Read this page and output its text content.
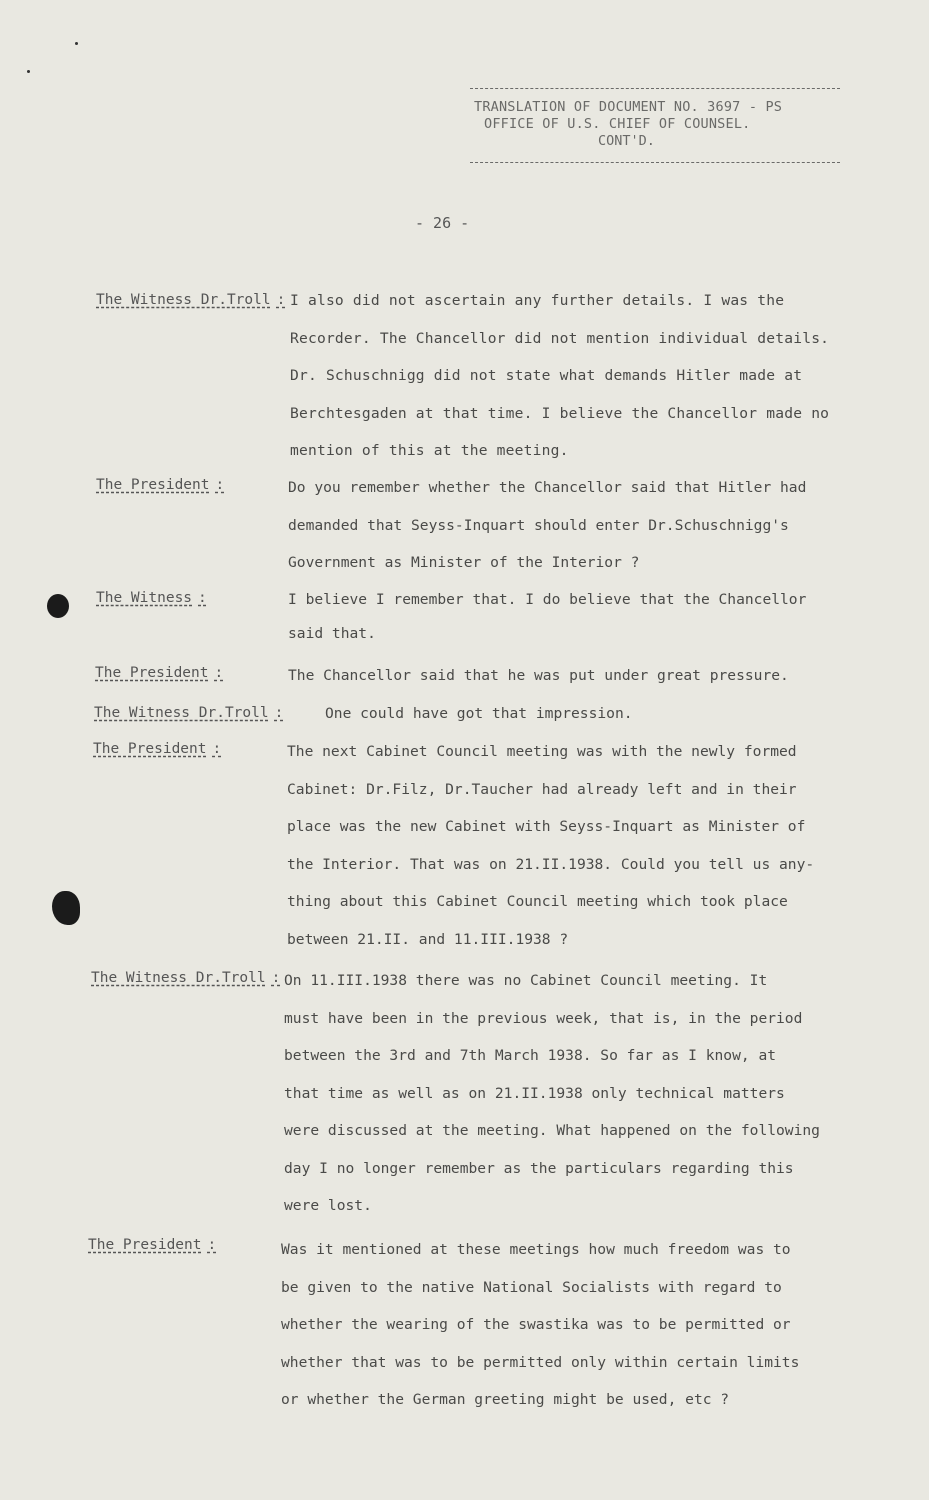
TRANSLATION OF DOCUMENT NO. 3697 - PS
OFFICE OF U.S. CHIEF OF COUNSEL.
CONT'D.
- 26 -
The Witness Dr.Troll : I also did not ascertain any further details. I was the
Recorder. The Chancellor did not mention individual details.
Dr. Schuschnigg did not state what demands Hitler made at
Berchtesgaden at that time. I believe the Chancellor made no
mention of this at the meeting.
The President :	Do you remember whether the Chancellor said that Hitler had
demanded that Seyss-Inquart should enter Dr.Schuschnigg's
Government as Minister of the Interior ?
The Witness :	I believe I remember that. I do believe that the Chancellor
said that.
The President :	The Chancellor said that he was put under great pressure.
The Witness Dr.Troll :	One could have got that impression.
The President :	The next Cabinet Council meeting was with the newly formed
Cabinet: Dr.Filz, Dr.Taucher had already left and in their
place was the new Cabinet with Seyss-Inquart as Minister of
the Interior. That was on 21.II.1938. Could you tell us any-
thing about this Cabinet Council meeting which took place
between 21.II. and 11.III.1938 ?
The Witness Dr.Troll : On 11.III.1938 there was no Cabinet Council meeting. It
must have been in the previous week, that is, in the period
between the 3rd and 7th March 1938. So far as I know, at
that time as well as on 21.II.1938 only technical matters
were discussed at the meeting. What happened on the following
day I no longer remember as the particulars regarding this
were lost.
The President :	Was it mentioned at these meetings how much freedom was to
be given to the native National Socialists with regard to
whether the wearing of the swastika was to be permitted or
whether that was to be permitted only within certain limits
or whether the German greeting might be used, etc ?
